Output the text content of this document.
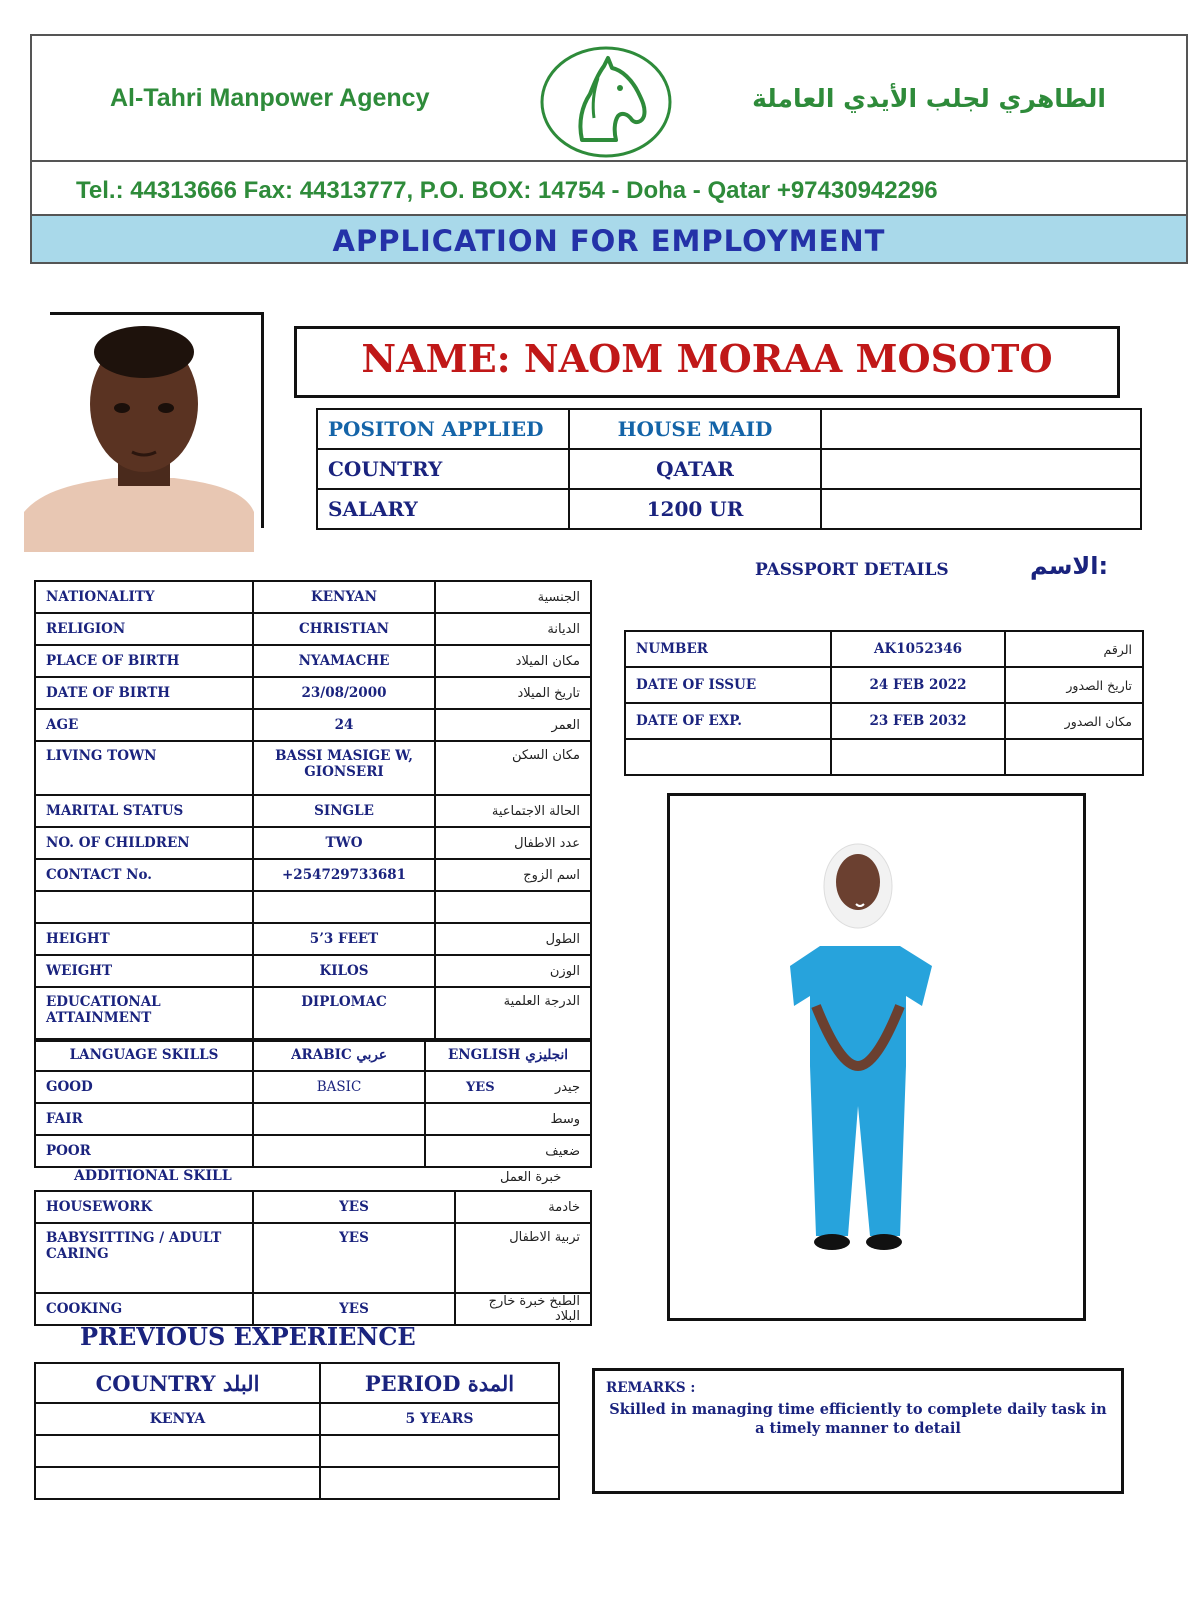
Al-Tahri Manpower Agency	الطاهري لجلب الأيدي العاملة
Tel.: 44313666 Fax: 44313777, P.O. BOX: 14754 - Doha - Qatar +97430942296
APPLICATION FOR EMPLOYMENT
NAME: NAOM MORAA MOSOTO
POSITON APPLIED	HOUSE MAID	
COUNTRY	QATAR	
SALARY	1200 UR	
PASSPORT DETAILS	الاسم:
NUMBER	AK1052346	الرقم
DATE OF ISSUE	24 FEB 2022	تاريخ الصدور
DATE OF EXP.	23 FEB 2032	مكان الصدور

NATIONALITY	KENYAN	الجنسية
RELIGION	CHRISTIAN	الديانة
PLACE OF BIRTH	NYAMACHE	مكان الميلاد
DATE OF BIRTH	23/08/2000	تاريخ الميلاد
AGE	24	العمر
LIVING TOWN	BASSI MASIGE W, GIONSERI	مكان السكن
MARITAL STATUS	SINGLE	الحالة الاجتماعية
NO. OF CHILDREN	TWO	عدد الاطفال
CONTACT No.	+254729733681	اسم الزوج

HEIGHT	5’3 FEET	الطول
WEIGHT	KILOS	الوزن
EDUCATIONAL ATTAINMENT	DIPLOMAC	الدرجة العلمية
LANGUAGE SKILLS	ARABIC عربي	ENGLISH انجليزي
GOOD	BASIC	YES جيدر
FAIR		وسط
POOR		ضعيف
ADDITIONAL SKILL	خبرة العمل
HOUSEWORK	YES	خادمة
BABYSITTING / ADULT CARING	YES	تربية الاطفال
COOKING	YES	الطبخ خبرة خارج البلاد
PREVIOUS EXPERIENCE
COUNTRY البلد	PERIOD المدة
KENYA	5 YEARS

REMARKS :
Skilled in managing time efficiently to complete daily task in a timely manner to detail
